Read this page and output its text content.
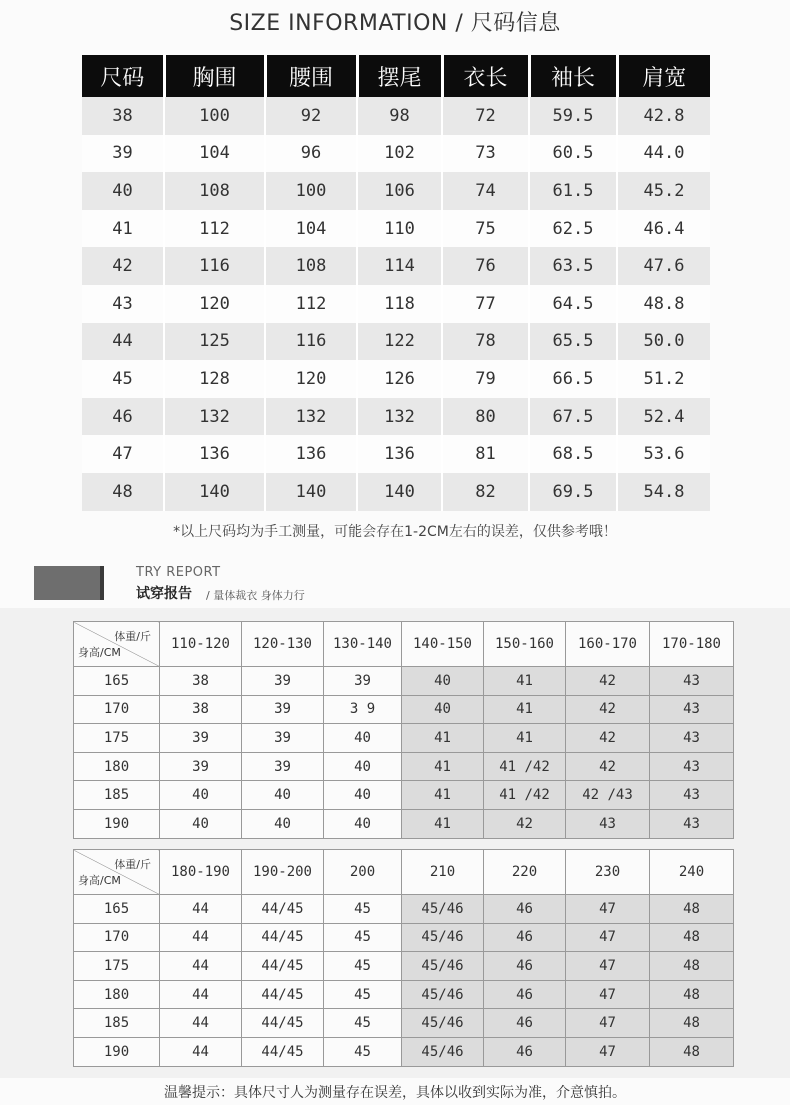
SIZE INFORMATION / 尺码信息
尺码	胸围	腰围	摆尾	衣长	袖长	肩宽
38	100	92	98	72	59.5	42.8
39	104	96	102	73	60.5	44.0
40	108	100	106	74	61.5	45.2
41	112	104	110	75	62.5	46.4
42	116	108	114	76	63.5	47.6
43	120	112	118	77	64.5	48.8
44	125	116	122	78	65.5	50.0
45	128	120	126	79	66.5	51.2
46	132	132	132	80	67.5	52.4
47	136	136	136	81	68.5	53.6
48	140	140	140	82	69.5	54.8
*以上尺码均为手工测量，可能会存在1-2CM左右的误差，仅供参考哦！
TRY REPORT
试穿报告 / 量体裁衣 身体力行
体重/斤
身高/CM	110-120	120-130	130-140	140-150	150-160	160-170	170-180
165	38	39	39	40	41	42	43
170	38	39	3 9	40	41	42	43
175	39	39	40	41	41	42	43
180	39	39	40	41	41 /42	42	43
185	40	40	40	41	41 /42	42 /43	43
190	40	40	40	41	42	43	43
体重/斤
身高/CM	180-190	190-200	200	210	220	230	240
165	44	44/45	45	45/46	46	47	48
170	44	44/45	45	45/46	46	47	48
175	44	44/45	45	45/46	46	47	48
180	44	44/45	45	45/46	46	47	48
185	44	44/45	45	45/46	46	47	48
190	44	44/45	45	45/46	46	47	48
温馨提示：具体尺寸人为测量存在误差，具体以收到实际为准，介意慎拍。
